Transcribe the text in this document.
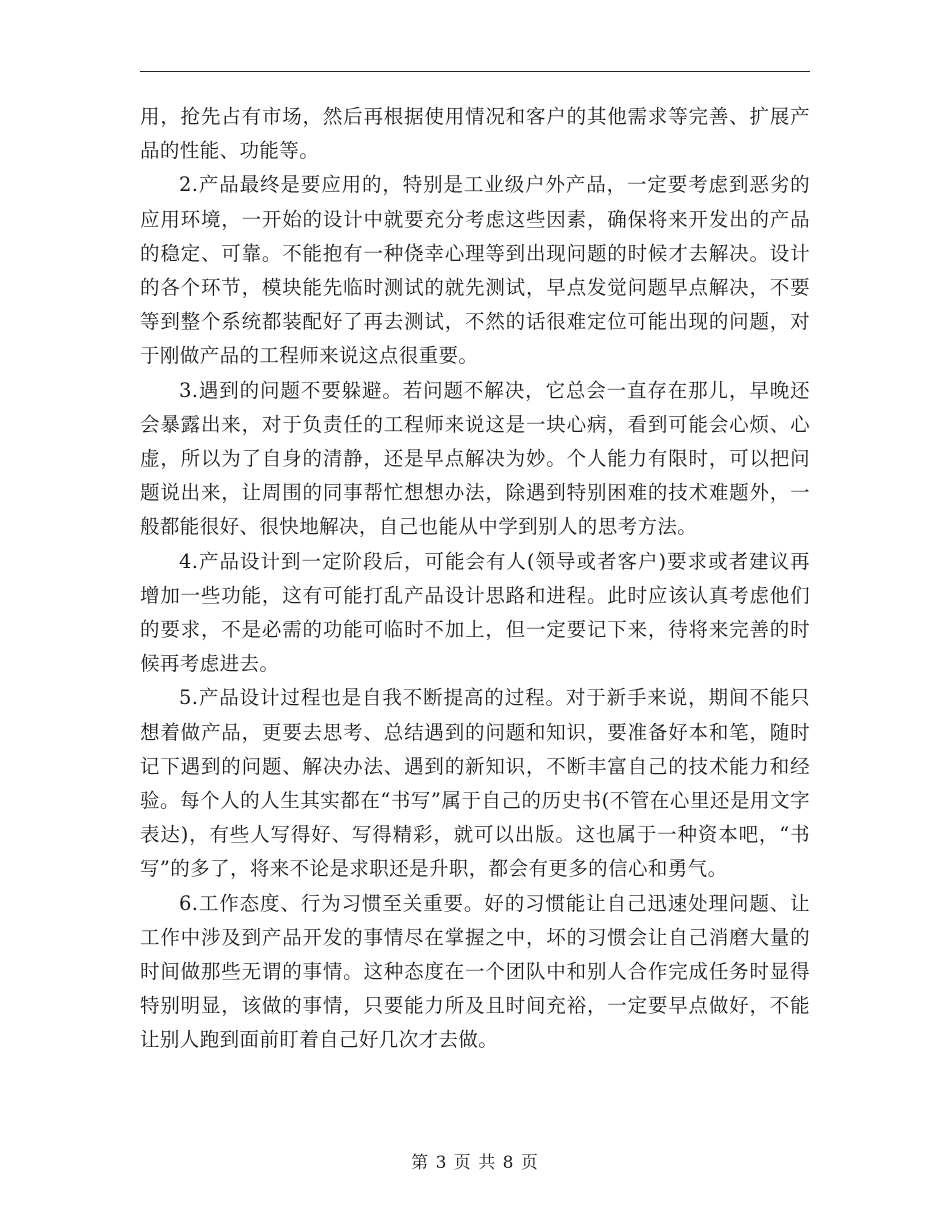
用，抢先占有市场，然后再根据使用情况和客户的其他需求等完善、扩展产品的性能、功能等。

2.产品最终是要应用的，特别是工业级户外产品，一定要考虑到恶劣的应用环境，一开始的设计中就要充分考虑这些因素，确保将来开发出的产品的稳定、可靠。不能抱有一种侥幸心理等到出现问题的时候才去解决。设计的各个环节，模块能先临时测试的就先测试，早点发觉问题早点解决，不要等到整个系统都装配好了再去测试，不然的话很难定位可能出现的问题，对于刚做产品的工程师来说这点很重要。

3.遇到的问题不要躲避。若问题不解决，它总会一直存在那儿，早晚还会暴露出来，对于负责任的工程师来说这是一块心病，看到可能会心烦、心虚，所以为了自身的清静，还是早点解决为妙。个人能力有限时，可以把问题说出来，让周围的同事帮忙想想办法，除遇到特别困难的技术难题外，一般都能很好、很快地解决，自己也能从中学到别人的思考方法。

4.产品设计到一定阶段后，可能会有人(领导或者客户)要求或者建议再增加一些功能，这有可能打乱产品设计思路和进程。此时应该认真考虑他们的要求，不是必需的功能可临时不加上，但一定要记下来，待将来完善的时候再考虑进去。

5.产品设计过程也是自我不断提高的过程。对于新手来说，期间不能只想着做产品，更要去思考、总结遇到的问题和知识，要准备好本和笔，随时记下遇到的问题、解决办法、遇到的新知识，不断丰富自己的技术能力和经验。每个人的人生其实都在“书写”属于自己的历史书(不管在心里还是用文字表达)，有些人写得好、写得精彩，就可以出版。这也属于一种资本吧，“书写”的多了，将来不论是求职还是升职，都会有更多的信心和勇气。

6.工作态度、行为习惯至关重要。好的习惯能让自己迅速处理问题、让工作中涉及到产品开发的事情尽在掌握之中，坏的习惯会让自己消磨大量的时间做那些无谓的事情。这种态度在一个团队中和别人合作完成任务时显得特别明显，该做的事情，只要能力所及且时间充裕，一定要早点做好，不能让别人跑到面前盯着自己好几次才去做。

第 3 页 共 8 页
